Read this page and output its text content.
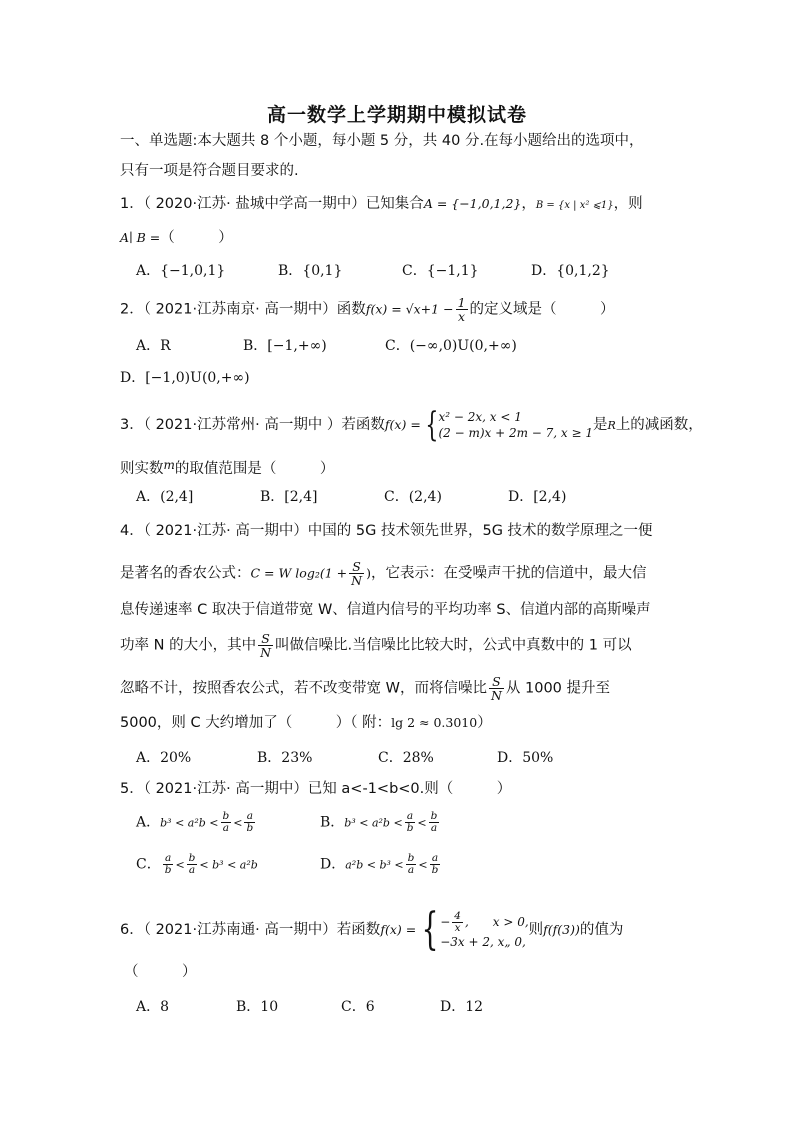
高一数学上学期期中模拟试卷
一、单选题:本大题共 8 个小题，每小题 5 分，共 40 分.在每小题给出的选项中，
只有一项是符合题目要求的.
1．（ 2020·江苏· 盐城中学高一期中）已知集合A = {−1,0,1,2}，B = {x | x² ⩽1}，则
A∣ B =（　　　）
A．{−1,0,1}	B．{0,1}	C．{−1,1}	D．{0,1,2}
2．（ 2021·江苏南京· 高一期中）函数$f(x) = √x+1 - \frac{1}{x}$ 的定义域是（　　　）
A．R	B．[−1,+∞)	C．(−∞,0)U(0,+∞)
D．[−1,0)U(0,+∞)
3．（ 2021·江苏常州· 高一期中 ）若函数f(x) = { x² − 2x, x < 1
(2 − m)x + 2m − 7, x ≥ 1 是R上的减函数，
则实数$^m$的取值范围是（　　　）
A．(2,4]	B．[2,4]	C．(2,4)	D．[2,4)
4．（ 2021·江苏· 高一期中）中国的 5G 技术领先世界，5G 技术的数学原理之一便
是著名的香农公式：C = W $\log_2(1 + \frac{S}{N}$ )，它表示：在受噪声干扰的信道中，最大信
息传递速率 C 取决于信道带宽 W、信道内信号的平均功率 S、信道内部的高斯噪声
功率 N 的大小，其中 $\frac{S}{N}$ 叫做信噪比.当信噪比比较大时，公式中真数中的 1 可以
忽略不计，按照香农公式，若不改变带宽 W，而将信噪比 $\frac{S}{N}$ 从 1000 提升至
5000，则 C 大约增加了（　　　）（ 附：lg 2 ≈ 0.3010）
A．20%	B．23%	C．28%	D．50%
5．（ 2021·江苏· 高一期中）已知 a<-1<b<0.则（　　　）
A．$b^3 < a^2b < \frac{b}{a} < \frac{a}{b}$	B．$b^3 < a^2b < \frac{a}{b} < \frac{b}{a}$
C． $\frac{a}{b} < \frac{b}{a} < b^3 < a^2b$	D．$a^2b < b^3 < \frac{b}{a} < \frac{a}{b}$
6．（ 2021·江苏南通· 高一期中）若函数f(x) = { − $\frac{4}{x}$ ,　　x > 0,
−3x + 2, x„ 0,
则f(f(3))的值为
（　　　）
A．8	B．10	C．6	D．12
